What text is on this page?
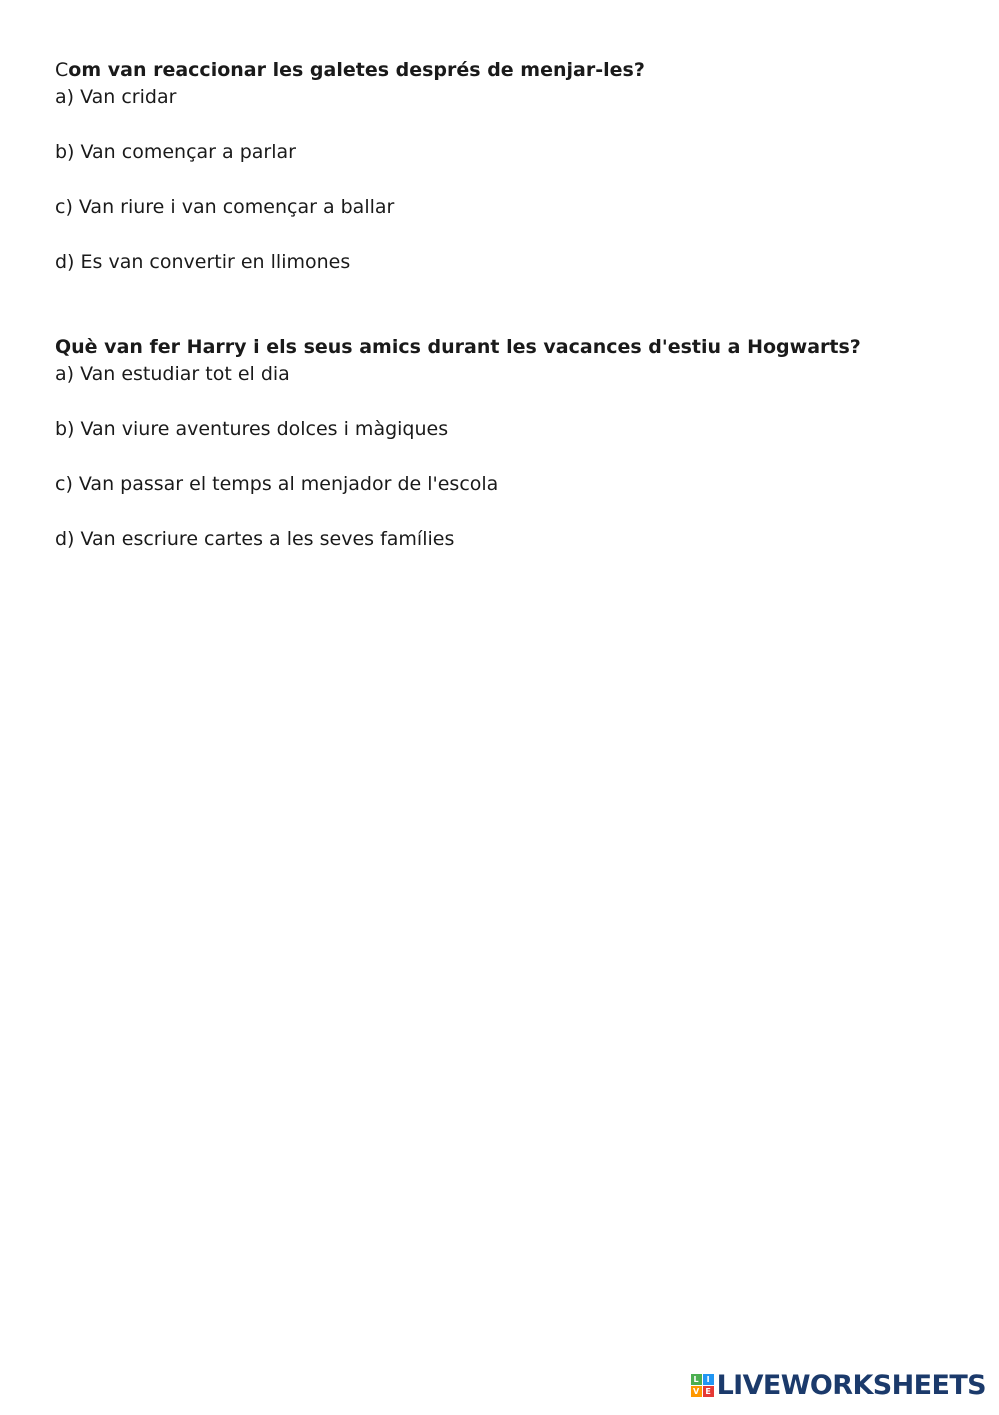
Com van reaccionar les galetes després de menjar-les?

a) Van cridar

b) Van començar a parlar

c) Van riure i van començar a ballar

d) Es van convertir en llimones

Què van fer Harry i els seus amics durant les vacances d'estiu a Hogwarts?

a) Van estudiar tot el dia

b) Van viure aventures dolces i màgiques

c) Van passar el temps al menjador de l'escola

d) Van escriure cartes a les seves famílies

L I
V E LIVEWORKSHEETS
